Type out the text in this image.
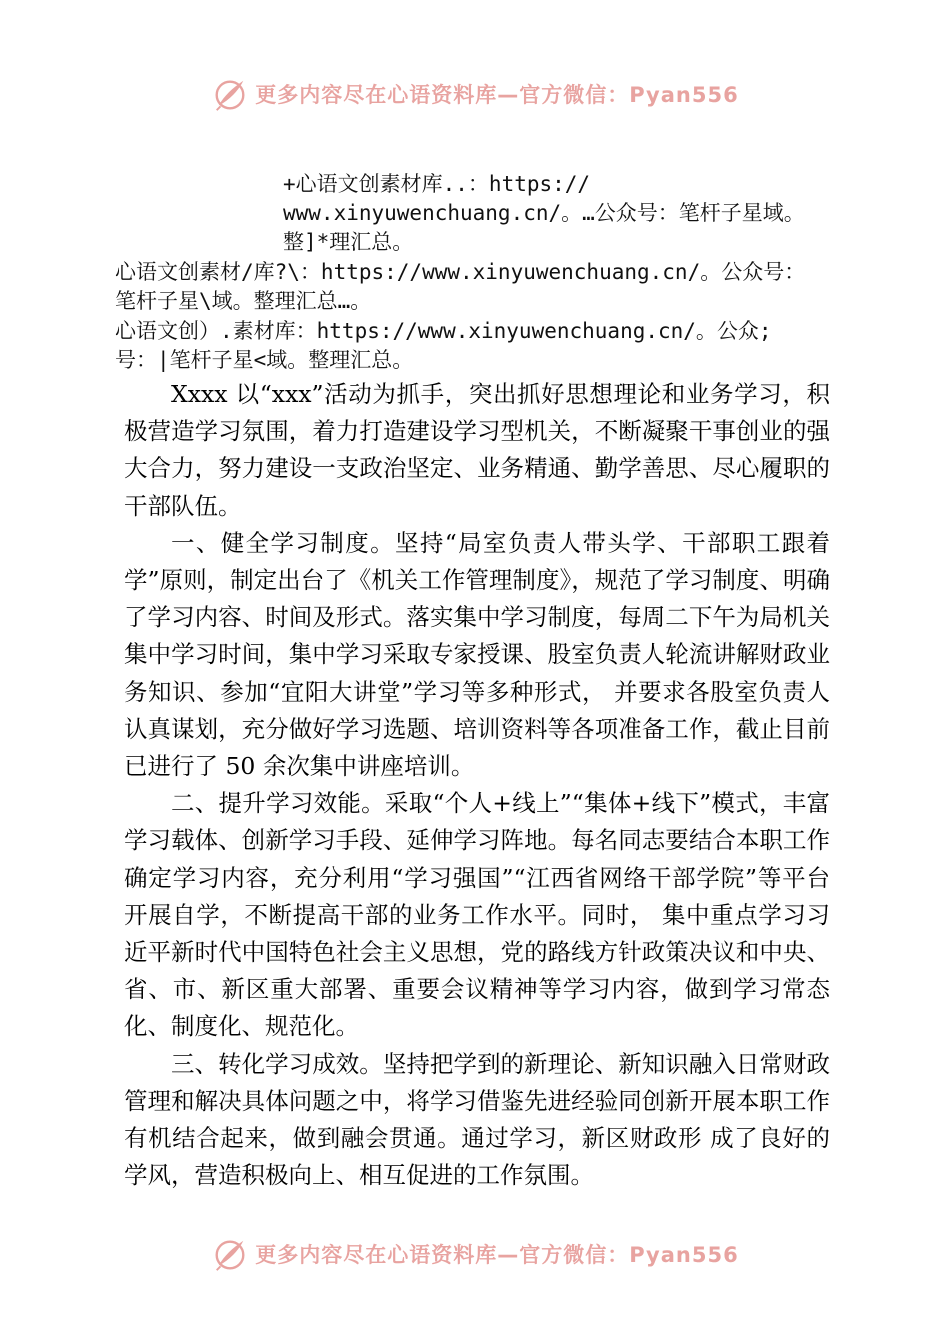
更多内容尽在心语资料库—官方微信：Pyan556
+心语文创素材库..：https://
www.xinyuwenchuang.cn/。…公众号：笔杆子星域。
整]*理汇总。
心语文创素材/库?\：https://www.xinyuwenchuang.cn/。公众号：
笔杆子星\域。整理汇总…。
心语文创）.素材库：https://www.xinyuwenchuang.cn/。公众;
号：|笔杆子星<域。整理汇总。

Xxxx 以“xxx”活动为抓手，突出抓好思想理论和业务学习，积极营造学习氛围，着力打造建设学习型机关，不断凝聚干事创业的强大合力，努力建设一支政治坚定、业务精通、勤学善思、尽心履职的干部队伍。

一、健全学习制度。坚持“局室负责人带头学、干部职工跟着学”原则，制定出台了《机关工作管理制度》，规范了学习制度、明确了学习内容、时间及形式。落实集中学习制度，每周二下午为局机关集中学习时间，集中学习采取专家授课、股室负责人轮流讲解财政业务知识、参加“宜阳大讲堂”学习等多种形式， 并要求各股室负责人认真谋划，充分做好学习选题、培训资料等各项准备工作，截止目前已进行了 50 余次集中讲座培训。

二、提升学习效能。采取“个人+线上”“集体+线下”模式，丰富学习载体、创新学习手段、延伸学习阵地。每名同志要结合本职工作确定学习内容，充分利用“学习强国”“江西省网络干部学院”等平台开展自学，不断提高干部的业务工作水平。同时， 集中重点学习习近平新时代中国特色社会主义思想，党的路线方针政策决议和中央、省、市、新区重大部署、重要会议精神等学习内容，做到学习常态化、制度化、规范化。

三、转化学习成效。坚持把学到的新理论、新知识融入日常财政管理和解决具体问题之中，将学习借鉴先进经验同创新开展本职工作有机结合起来，做到融会贯通。通过学习，新区财政形 成了良好的学风，营造积极向上、相互促进的工作氛围。

更多内容尽在心语资料库—官方微信：Pyan556
